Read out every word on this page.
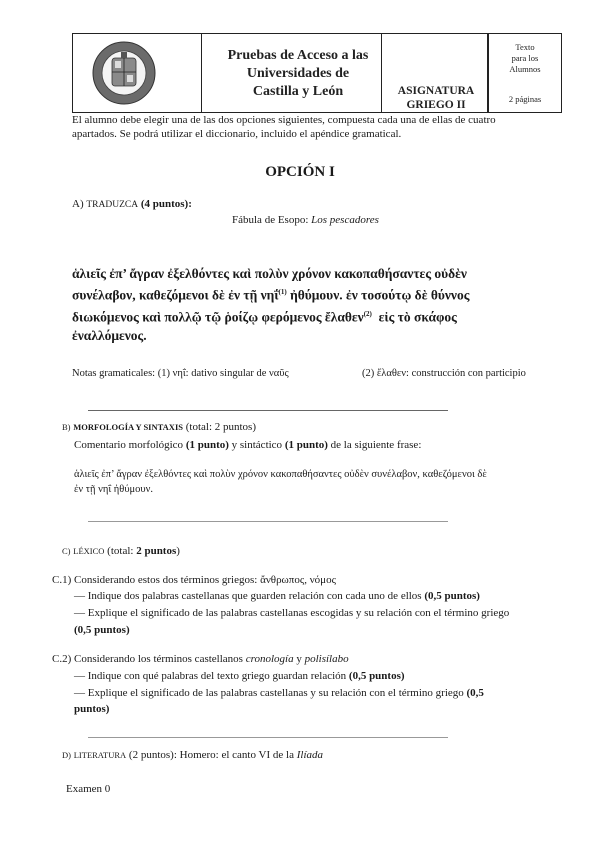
Pruebas de Acceso a las
Universidades de
Castilla y León	ASIGNATURA
GRIEGO II
Texto
para los
Alumnos
2 páginas
El alumno debe elegir una de las dos opciones siguientes, compuesta cada una de ellas de cuatro
apartados. Se podrá utilizar el diccionario, incluido el apéndice gramatical.
OPCIÓN I
A) TRADUZCA (4 puntos):
Fábula de Esopo: Los pescadores
ἁλιεῖς ἐπ’ ἄγραν ἐξελθόντες καὶ πολὺν χρόνον κακοπαθήσαντες οὐδὲν
συνέλαβον, καθεζόμενοι δὲ ἐν τῇ νηΐ$^{(1)}$ ἠθύμουν. ἐν τοσούτῳ δὲ θύννος
διωκόμενος καὶ πολλῷ τῷ ῥοίζῳ φερόμενος ἔλαθεν$^{(2)}$  εἰς τὸ σκάφος
ἐναλλόμενος.
Notas gramaticales: (1) νηΐ: dativo singular de ναῦς	(2) ἔλαθεν: construcción con participio
B) MORFOLOGÍA Y SINTAXIS (total: 2 puntos)
Comentario morfológico (1 punto) y sintáctico (1 punto) de la siguiente frase:
ἁλιεῖς ἐπ’ ἄγραν ἐξελθόντες καὶ πολὺν χρόνον κακοπαθήσαντες οὐδὲν συνέλαβον, καθεζόμενοι δὲ
ἐν τῇ νηΐ ἠθύμουν.
C) LÉXICO (total: 2 puntos)
C.1) Considerando estos dos términos griegos: ἄνθρωπος, νόμος
— Indique dos palabras castellanas que guarden relación con cada uno de ellos (0,5 puntos)
— Explique el significado de las palabras castellanas escogidas y su relación con el término griego
(0,5 puntos)
C.2) Considerando los términos castellanos cronología y polisílabo
— Indique con qué palabras del texto griego guardan relación (0,5 puntos)
— Explique el significado de las palabras castellanas y su relación con el término griego (0,5
puntos)
D) LITERATURA (2 puntos): Homero: el canto VI de la Ilíada
Examen 0
